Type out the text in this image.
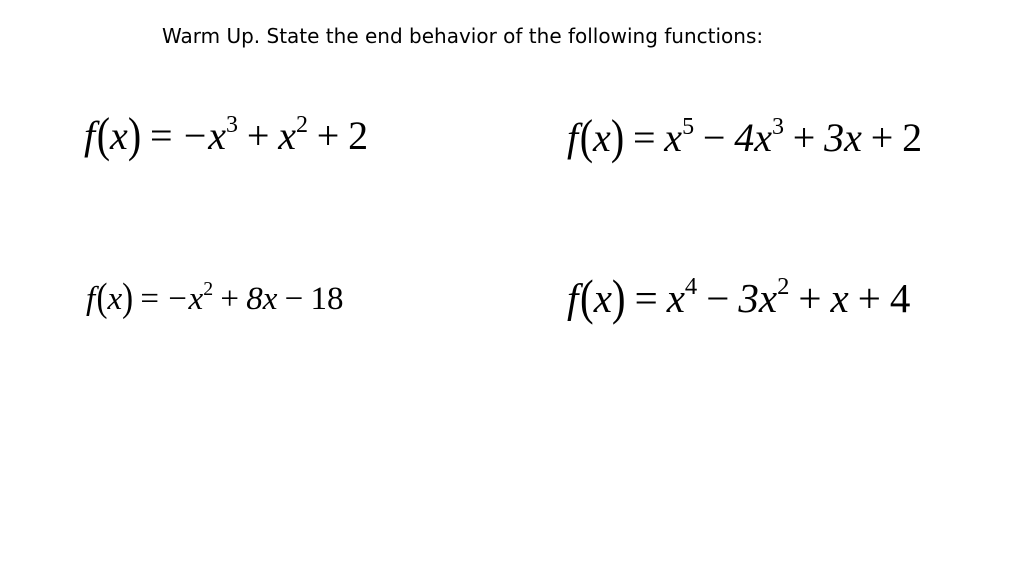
Warm Up. State the end behavior of the following functions:
$f(x) = -x^3 + x^2 + 2$	$f(x) = x^5 - 4x^3 + 3x + 2$
$f(x) = -x^2 + 8x - 18$	$f(x) = x^4 - 3x^2 + x + 4$
